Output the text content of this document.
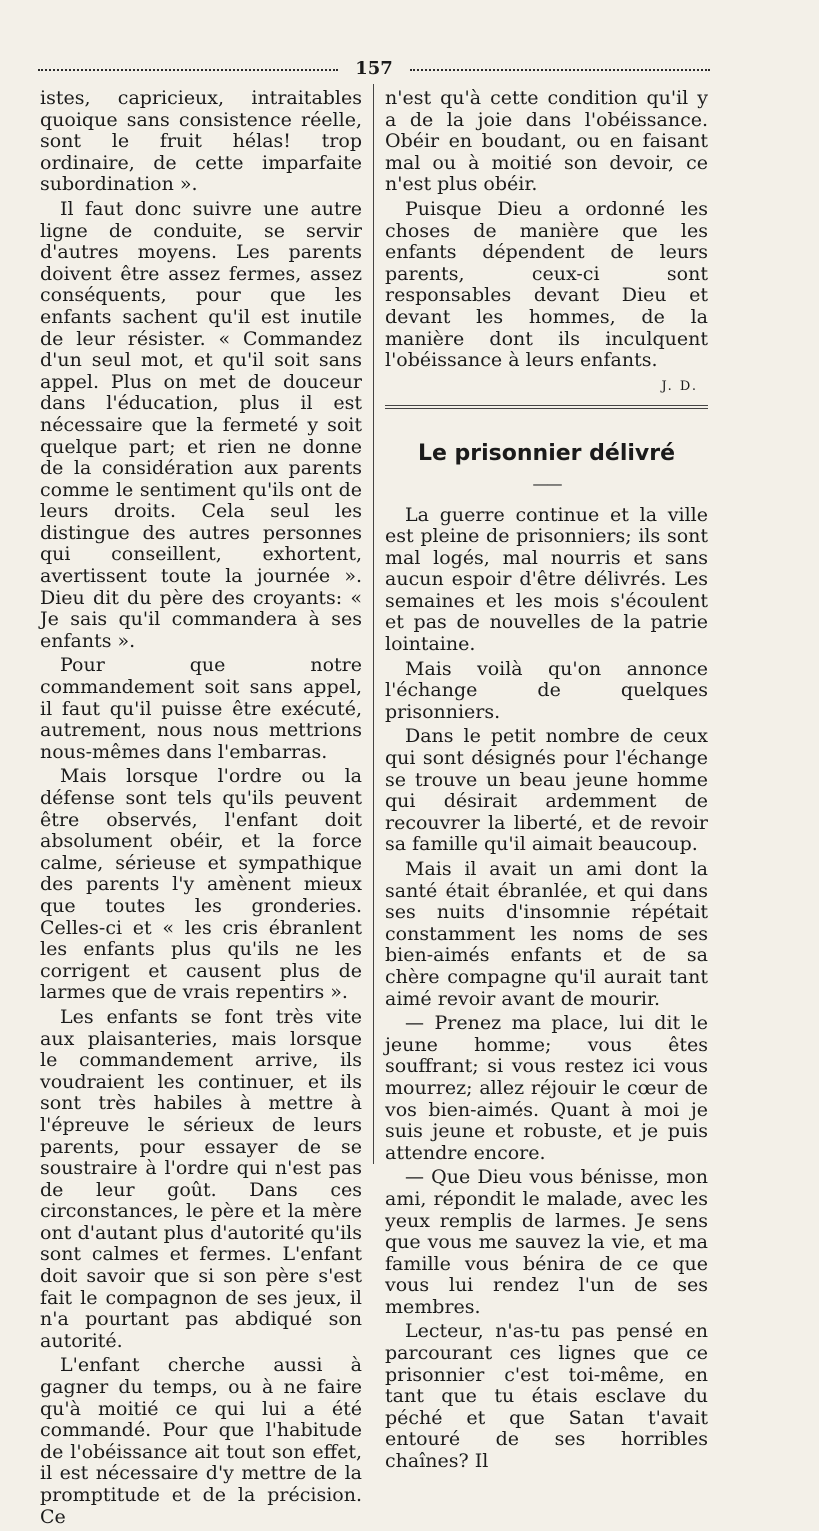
157

istes, capricieux, intraitables quoique sans consistence réelle, sont le fruit hélas! trop ordinaire, de cette imparfaite subordination ».

Il faut donc suivre une autre ligne de conduite, se servir d'autres moyens. Les parents doivent être assez fermes, assez conséquents, pour que les enfants sachent qu'il est inutile de leur résister. « Commandez d'un seul mot, et qu'il soit sans appel. Plus on met de douceur dans l'éducation, plus il est nécessaire que la fermeté y soit quelque part; et rien ne donne de la considération aux parents comme le sentiment qu'ils ont de leurs droits. Cela seul les distingue des autres personnes qui conseillent, exhortent, avertissent toute la journée ». Dieu dit du père des croyants: « Je sais qu'il commandera à ses enfants ».

Pour que notre commandement soit sans appel, il faut qu'il puisse être exécuté, autrement, nous nous mettrions nous-mêmes dans l'embarras.

Mais lorsque l'ordre ou la défense sont tels qu'ils peuvent être observés, l'enfant doit absolument obéir, et la force calme, sérieuse et sympathique des parents l'y amènent mieux que toutes les gronderies. Celles-ci et « les cris ébranlent les enfants plus qu'ils ne les corrigent et causent plus de larmes que de vrais repentirs ».

Les enfants se font très vite aux plaisanteries, mais lorsque le commandement arrive, ils voudraient les continuer, et ils sont très habiles à mettre à l'épreuve le sérieux de leurs parents, pour essayer de se soustraire à l'ordre qui n'est pas de leur goût. Dans ces circonstances, le père et la mère ont d'autant plus d'autorité qu'ils sont calmes et fermes. L'enfant doit savoir que si son père s'est fait le compagnon de ses jeux, il n'a pourtant pas abdiqué son autorité.

L'enfant cherche aussi à gagner du temps, ou à ne faire qu'à moitié ce qui lui a été commandé. Pour que l'habitude de l'obéissance ait tout son effet, il est nécessaire d'y mettre de la promptitude et de la précision. Ce

n'est qu'à cette condition qu'il y a de la joie dans l'obéissance. Obéir en boudant, ou en faisant mal ou à moitié son devoir, ce n'est plus obéir.

Puisque Dieu a ordonné les choses de manière que les enfants dépendent de leurs parents, ceux-ci sont responsables devant Dieu et devant les hommes, de la manière dont ils inculquent l'obéissance à leurs enfants.

J. D.
Le prisonnier délivré
——

La guerre continue et la ville est pleine de prisonniers; ils sont mal logés, mal nourris et sans aucun espoir d'être délivrés. Les semaines et les mois s'écoulent et pas de nouvelles de la patrie lointaine.

Mais voilà qu'on annonce l'échange de quelques prisonniers.

Dans le petit nombre de ceux qui sont désignés pour l'échange se trouve un beau jeune homme qui désirait ardemment de recouvrer la liberté, et de revoir sa famille qu'il aimait beaucoup.

Mais il avait un ami dont la santé était ébranlée, et qui dans ses nuits d'insomnie répétait constamment les noms de ses bien-aimés enfants et de sa chère compagne qu'il aurait tant aimé revoir avant de mourir.

— Prenez ma place, lui dit le jeune homme; vous êtes souffrant; si vous restez ici vous mourrez; allez réjouir le cœur de vos bien-aimés. Quant à moi je suis jeune et robuste, et je puis attendre encore.

— Que Dieu vous bénisse, mon ami, répondit le malade, avec les yeux remplis de larmes. Je sens que vous me sauvez la vie, et ma famille vous bénira de ce que vous lui rendez l'un de ses membres.

Lecteur, n'as-tu pas pensé en parcourant ces lignes que ce prisonnier c'est toi-même, en tant que tu étais esclave du péché et que Satan t'avait entouré de ses horribles chaînes? Il
